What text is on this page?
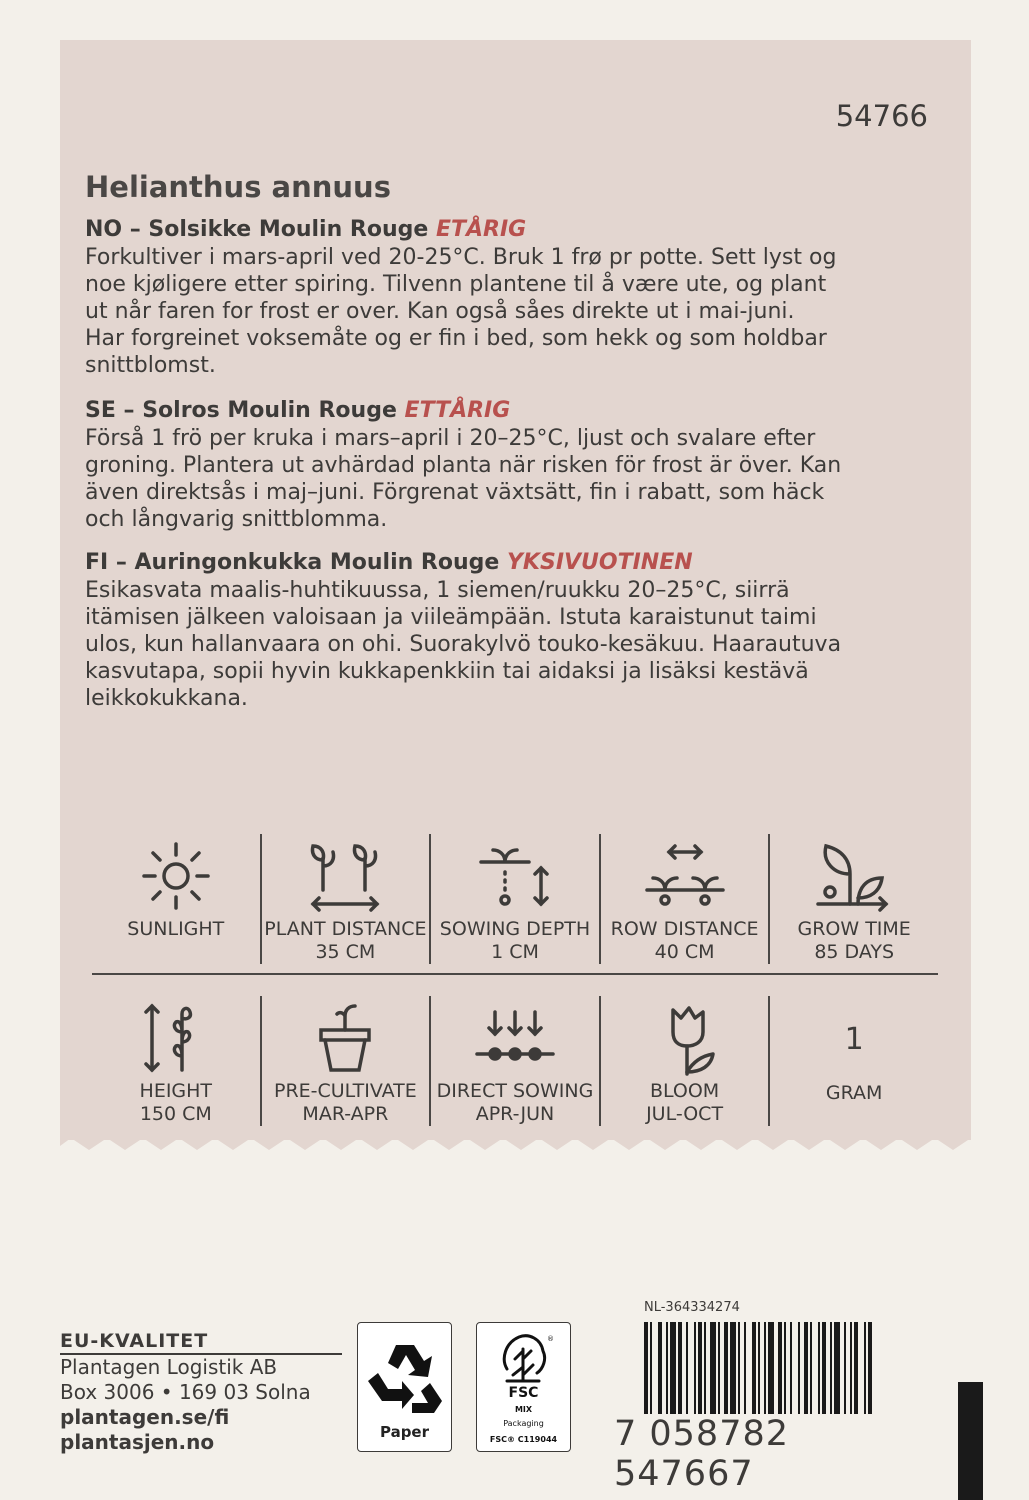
54766
Helianthus annuus
NO – Solsikke Moulin Rouge ETÅRIG
Forkultiver i mars-april ved 20-25°C. Bruk 1 frø pr potte. Sett lyst og
noe kjøligere etter spiring. Tilvenn plantene til å være ute, og plant
ut når faren for frost er over. Kan også såes direkte ut i mai-juni.
Har forgreinet voksemåte og er fin i bed, som hekk og som holdbar
snittblomst.
SE – Solros Moulin Rouge ETTÅRIG
Förså 1 frö per kruka i mars–april i 20–25°C, ljust och svalare efter
groning. Plantera ut avhärdad planta när risken för frost är över. Kan
även direktsås i maj–juni. Förgrenat växtsätt, fin i rabatt, som häck
och långvarig snittblomma.
FI – Auringonkukka Moulin Rouge YKSIVUOTINEN
Esikasvata maalis-huhtikuussa, 1 siemen/ruukku 20–25°C, siirrä
itämisen jälkeen valoisaan ja viileämpään. Istuta karaistunut taimi
ulos, kun hallanvaara on ohi. Suorakylvö touko-kesäkuu. Haarautuva
kasvutapa, sopii hyvin kukkapenkkiin tai aidaksi ja lisäksi kestävä
leikkokukkana.
SUNLIGHT	PLANT DISTANCE
35 CM
SOWING DEPTH
1 CM
ROW DISTANCE
40 CM
GROW TIME
85 DAYS
HEIGHT
150 CM
PRE-CULTIVATE
MAR-APR
DIRECT SOWING
APR-JUN
BLOOM
JUL-OCT
1
GRAM
EU-KVALITET
Plantagen Logistik AB
Box 3006 • 169 03 Solna
plantagen.se/fi
plantasjen.no	Paper
®
FSC
MIX
Packaging
FSC® C119044
NL-364334274
7 058782 547667
